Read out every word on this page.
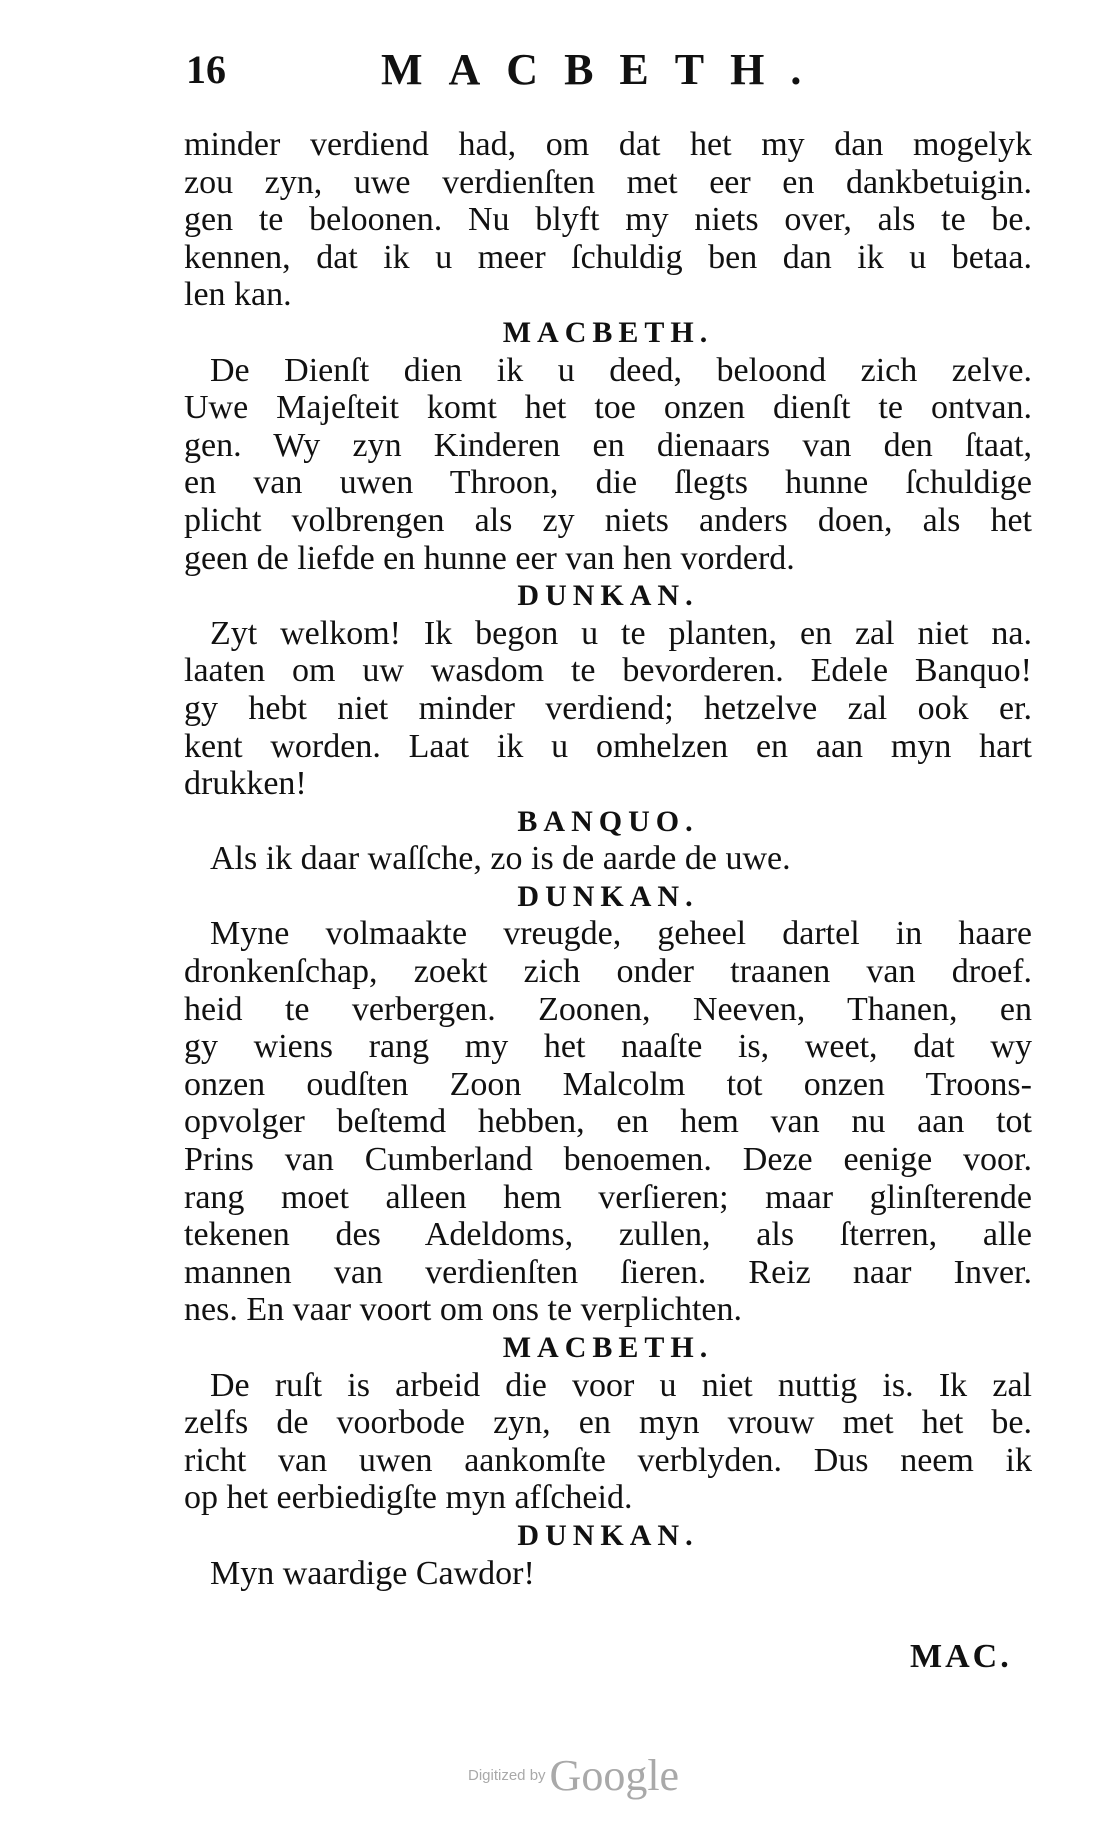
16	MACBETH.
minder verdiend had, om dat het my dan mogelyk
zou zyn, uwe verdienſten met eer en dankbetuigin.
gen te beloonen. Nu blyft my niets over, als te be.
kennen, dat ik u meer ſchuldig ben dan ik u betaa.
len kan.
MACBETH.
De Dienſt dien ik u deed, beloond zich zelve.
Uwe Majeſteit komt het toe onzen dienſt te ontvan.
gen. Wy zyn Kinderen en dienaars van den ſtaat,
en van uwen Throon, die ſlegts hunne ſchuldige
plicht volbrengen als zy niets anders doen, als het
geen de liefde en hunne eer van hen vorderd.
DUNKAN.
Zyt welkom! Ik begon u te planten, en zal niet na.
laaten om uw wasdom te bevorderen. Edele Banquo!
gy hebt niet minder verdiend; hetzelve zal ook er.
kent worden. Laat ik u omhelzen en aan myn hart
drukken!
BANQUO.
Als ik daar waſſche, zo is de aarde de uwe.
DUNKAN.
Myne volmaakte vreugde, geheel dartel in haare
dronkenſchap, zoekt zich onder traanen van droef.
heid te verbergen. Zoonen, Neeven, Thanen, en
gy wiens rang my het naaſte is, weet, dat wy
onzen oudſten Zoon Malcolm tot onzen Troons-
opvolger beſtemd hebben, en hem van nu aan tot
Prins van Cumberland benoemen. Deze eenige voor.
rang moet alleen hem verſieren; maar glinſterende
tekenen des Adeldoms, zullen, als ſterren, alle
mannen van verdienſten ſieren. Reiz naar Inver.
nes. En vaar voort om ons te verplichten.
MACBETH.
De ruſt is arbeid die voor u niet nuttig is. Ik zal
zelfs de voorbode zyn, en myn vrouw met het be.
richt van uwen aankomſte verblyden. Dus neem ik
op het eerbiedigſte myn afſcheid.
DUNKAN.
Myn waardige Cawdor!
MAC.
Digitized by Google
